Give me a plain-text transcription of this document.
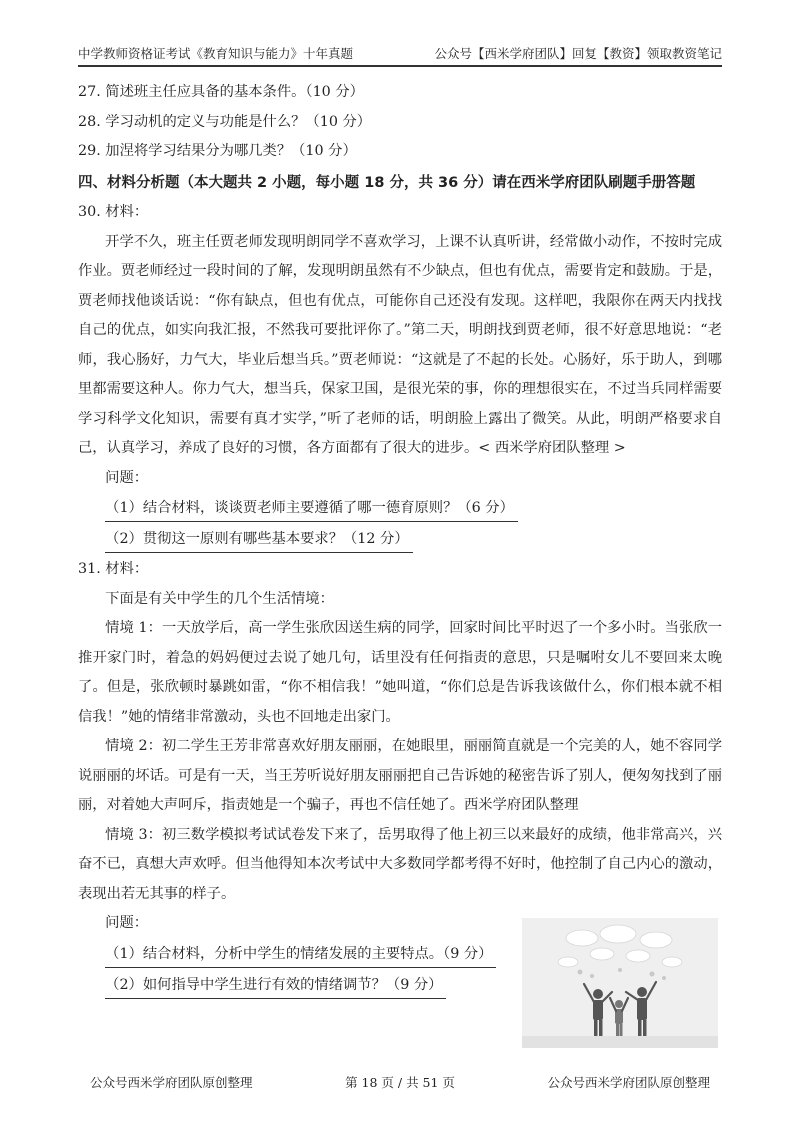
中学教师资格证考试《教育知识与能力》十年真题	公众号【西米学府团队】回复【教资】领取教资笔记

27. 简述班主任应具备的基本条件。（10 分）

28. 学习动机的定义与功能是什么？（10 分）

29. 加涅将学习结果分为哪几类？（10 分）

四、材料分析题（本大题共 2 小题，每小题 18 分，共 36 分）请在西米学府团队刷题手册答题

30. 材料：

开学不久，班主任贾老师发现明朗同学不喜欢学习，上课不认真听讲，经常做小动作，不按时完成作业。贾老师经过一段时间的了解，发现明朗虽然有不少缺点，但也有优点，需要肯定和鼓励。于是，贾老师找他谈话说：“你有缺点，但也有优点，可能你自己还没有发现。这样吧，我限你在两天内找找自己的优点，如实向我汇报，不然我可要批评你了。”第二天，明朗找到贾老师，很不好意思地说：“老师，我心肠好，力气大，毕业后想当兵。”贾老师说：“这就是了不起的长处。心肠好，乐于助人，到哪里都需要这种人。你力气大，想当兵，保家卫国，是很光荣的事，你的理想很实在，不过当兵同样需要学习科学文化知识，需要有真才实学，”听了老师的话，明朗脸上露出了微笑。从此，明朗严格要求自己，认真学习，养成了良好的习惯，各方面都有了很大的进步。< 西米学府团队整理 >

问题：

（1）结合材料，谈谈贾老师主要遵循了哪一德育原则？（6 分）
（2）贯彻这一原则有哪些基本要求？（12 分）

31. 材料：

下面是有关中学生的几个生活情境：

情境 1：一天放学后，高一学生张欣因送生病的同学，回家时间比平时迟了一个多小时。当张欣一推开家门时，着急的妈妈便过去说了她几句，话里没有任何指责的意思，只是嘱咐女儿不要回来太晚了。但是，张欣顿时暴跳如雷，“你不相信我！”她叫道，“你们总是告诉我该做什么，你们根本就不相信我！”她的情绪非常激动，头也不回地走出家门。

情境 2：初二学生王芳非常喜欢好朋友丽丽，在她眼里，丽丽简直就是一个完美的人，她不容同学说丽丽的坏话。可是有一天，当王芳听说好朋友丽丽把自己告诉她的秘密告诉了别人，便匆匆找到了丽丽，对着她大声呵斥，指责她是一个骗子，再也不信任她了。西米学府团队整理

情境 3：初三数学模拟考试试卷发下来了，岳男取得了他上初三以来最好的成绩，他非常高兴，兴奋不已，真想大声欢呼。但当他得知本次考试中大多数同学都考得不好时，他控制了自己内心的激动，表现出若无其事的样子。

问题：

（1）结合材料，分析中学生的情绪发展的主要特点。（9 分）
（2）如何指导中学生进行有效的情绪调节？（9 分）
公众号西米学府团队原创整理	第 18 页 / 共 51 页	公众号西米学府团队原创整理
